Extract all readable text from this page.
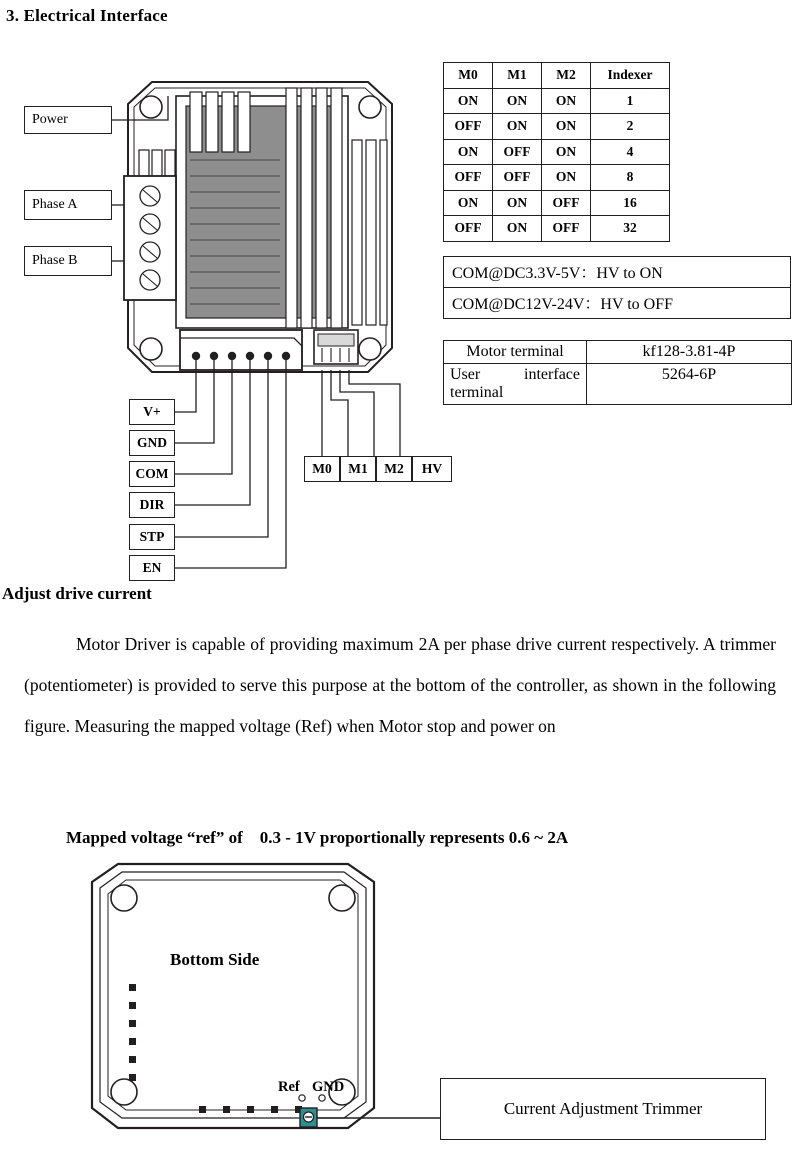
3. Electrical Interface
Power
Phase A
Phase B
V+
GND
COM
DIR
STP
EN
M0 M1 M2 HV
M0	M1	M2	Indexer
ON	ON	ON	1
OFF	ON	ON	2
ON	OFF	ON	4
OFF	OFF	ON	8
ON	ON	OFF	16
OFF	ON	OFF	32
COM@DC3.3V-5V：HV to ON
COM@DC12V-24V：HV to OFF
Motor terminal	kf128-3.81-4P
User interface
terminal	5264-6P
Adjust drive current
Motor Driver is capable of providing maximum 2A per phase drive current respectively. A trimmer (potentiometer) is provided to serve this purpose at the bottom of the controller, as shown in the following figure. Measuring the mapped voltage (Ref) when Motor stop and power on
Mapped voltage “ref” of    0.3 - 1V proportionally represents 0.6 ~ 2A
Bottom Side
Ref GND
Current Adjustment Trimmer
